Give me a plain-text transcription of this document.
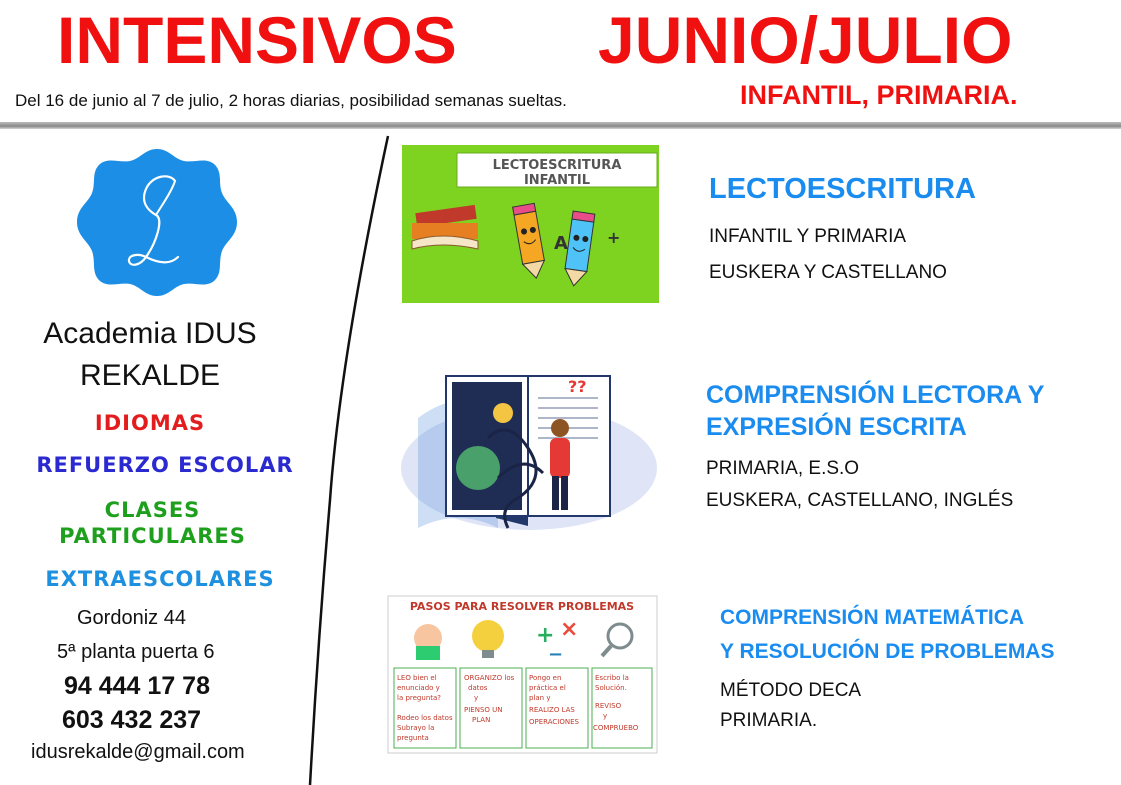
INTENSIVOS JUNIO/JULIO
Del 16 de junio al 7 de julio, 2 horas diarias, posibilidad semanas sueltas.	INFANTIL, PRIMARIA.
L
Academia IDUS
REKALDE
IDIOMAS
REFUERZO ESCOLAR
CLASES
PARTICULARES
EXTRAESCOLARES
Gordoniz 44
5ª planta puerta 6
94 444 17 78
603 432 237
idusrekalde@gmail.com
LECTOESCRITURA
INFANTIL
A +
LECTOESCRITURA
INFANTIL Y PRIMARIA
EUSKERA Y CASTELLANO
??	COMPRENSIÓN LECTORA Y
EXPRESIÓN ESCRITA
PRIMARIA, E.S.O
EUSKERA, CASTELLANO, INGLÉS
PASOS PARA RESOLVER PROBLEMAS
+ ×
−
LEO bien el
enunciado y
la pregunta?
Rodeo los datos
Subrayo la
pregunta
ORGANIZO los
datos
y
PIENSO UN
PLAN
Pongo en
práctica el
plan y
REALIZO LAS
OPERACIONES
Escribo la
Solución.
REVISO
y
COMPRUEBO
COMPRENSIÓN MATEMÁTICA
Y RESOLUCIÓN DE PROBLEMAS
MÉTODO DECA
PRIMARIA.
